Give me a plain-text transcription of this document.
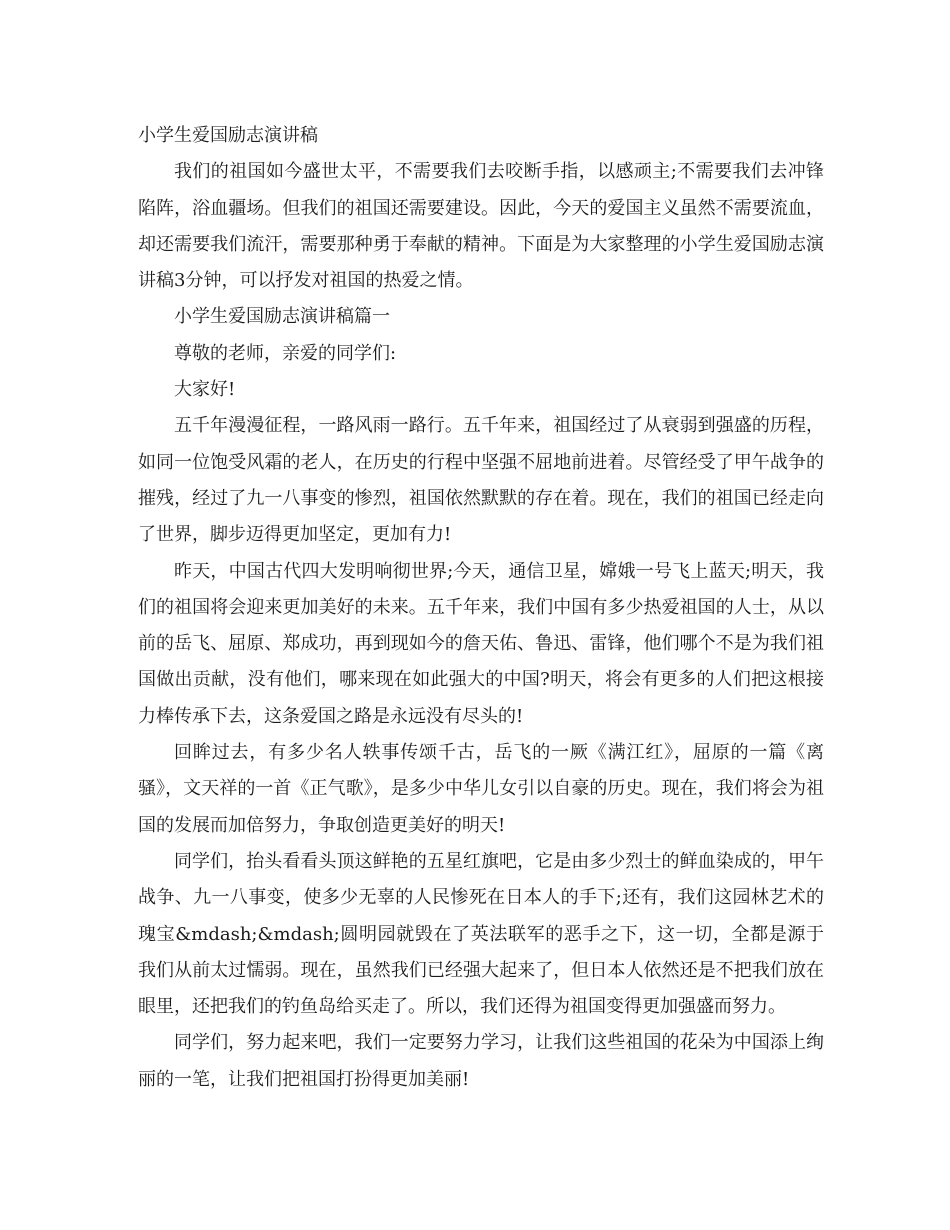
小学生爱国励志演讲稿

我们的祖国如今盛世太平，不需要我们去咬断手指，以感顽主;不需要我们去冲锋陷阵，浴血疆场。但我们的祖国还需要建设。因此，今天的爱国主义虽然不需要流血，却还需要我们流汗，需要那种勇于奉献的精神。下面是为大家整理的小学生爱国励志演讲稿3分钟，可以抒发对祖国的热爱之情。

小学生爱国励志演讲稿篇一

尊敬的老师，亲爱的同学们:

大家好!

五千年漫漫征程，一路风雨一路行。五千年来，祖国经过了从衰弱到强盛的历程，如同一位饱受风霜的老人，在历史的行程中坚强不屈地前进着。尽管经受了甲午战争的摧残，经过了九一八事变的惨烈，祖国依然默默的存在着。现在，我们的祖国已经走向了世界，脚步迈得更加坚定，更加有力!

昨天，中国古代四大发明响彻世界;今天，通信卫星，嫦娥一号飞上蓝天;明天，我们的祖国将会迎来更加美好的未来。五千年来，我们中国有多少热爱祖国的人士，从以前的岳飞、屈原、郑成功，再到现如今的詹天佑、鲁迅、雷锋，他们哪个不是为我们祖国做出贡献，没有他们，哪来现在如此强大的中国?明天，将会有更多的人们把这根接力棒传承下去，这条爱国之路是永远没有尽头的!

回眸过去，有多少名人轶事传颂千古，岳飞的一厥《满江红》，屈原的一篇《离骚》，文天祥的一首《正气歌》，是多少中华儿女引以自豪的历史。现在，我们将会为祖国的发展而加倍努力，争取创造更美好的明天!

同学们，抬头看看头顶这鲜艳的五星红旗吧，它是由多少烈士的鲜血染成的，甲午战争、九一八事变，使多少无辜的人民惨死在日本人的手下;还有，我们这园林艺术的瑰宝&mdash;&mdash;圆明园就毁在了英法联军的恶手之下，这一切，全都是源于我们从前太过懦弱。现在，虽然我们已经强大起来了，但日本人依然还是不把我们放在眼里，还把我们的钓鱼岛给买走了。所以，我们还得为祖国变得更加强盛而努力。

同学们，努力起来吧，我们一定要努力学习，让我们这些祖国的花朵为中国添上绚丽的一笔，让我们把祖国打扮得更加美丽!
